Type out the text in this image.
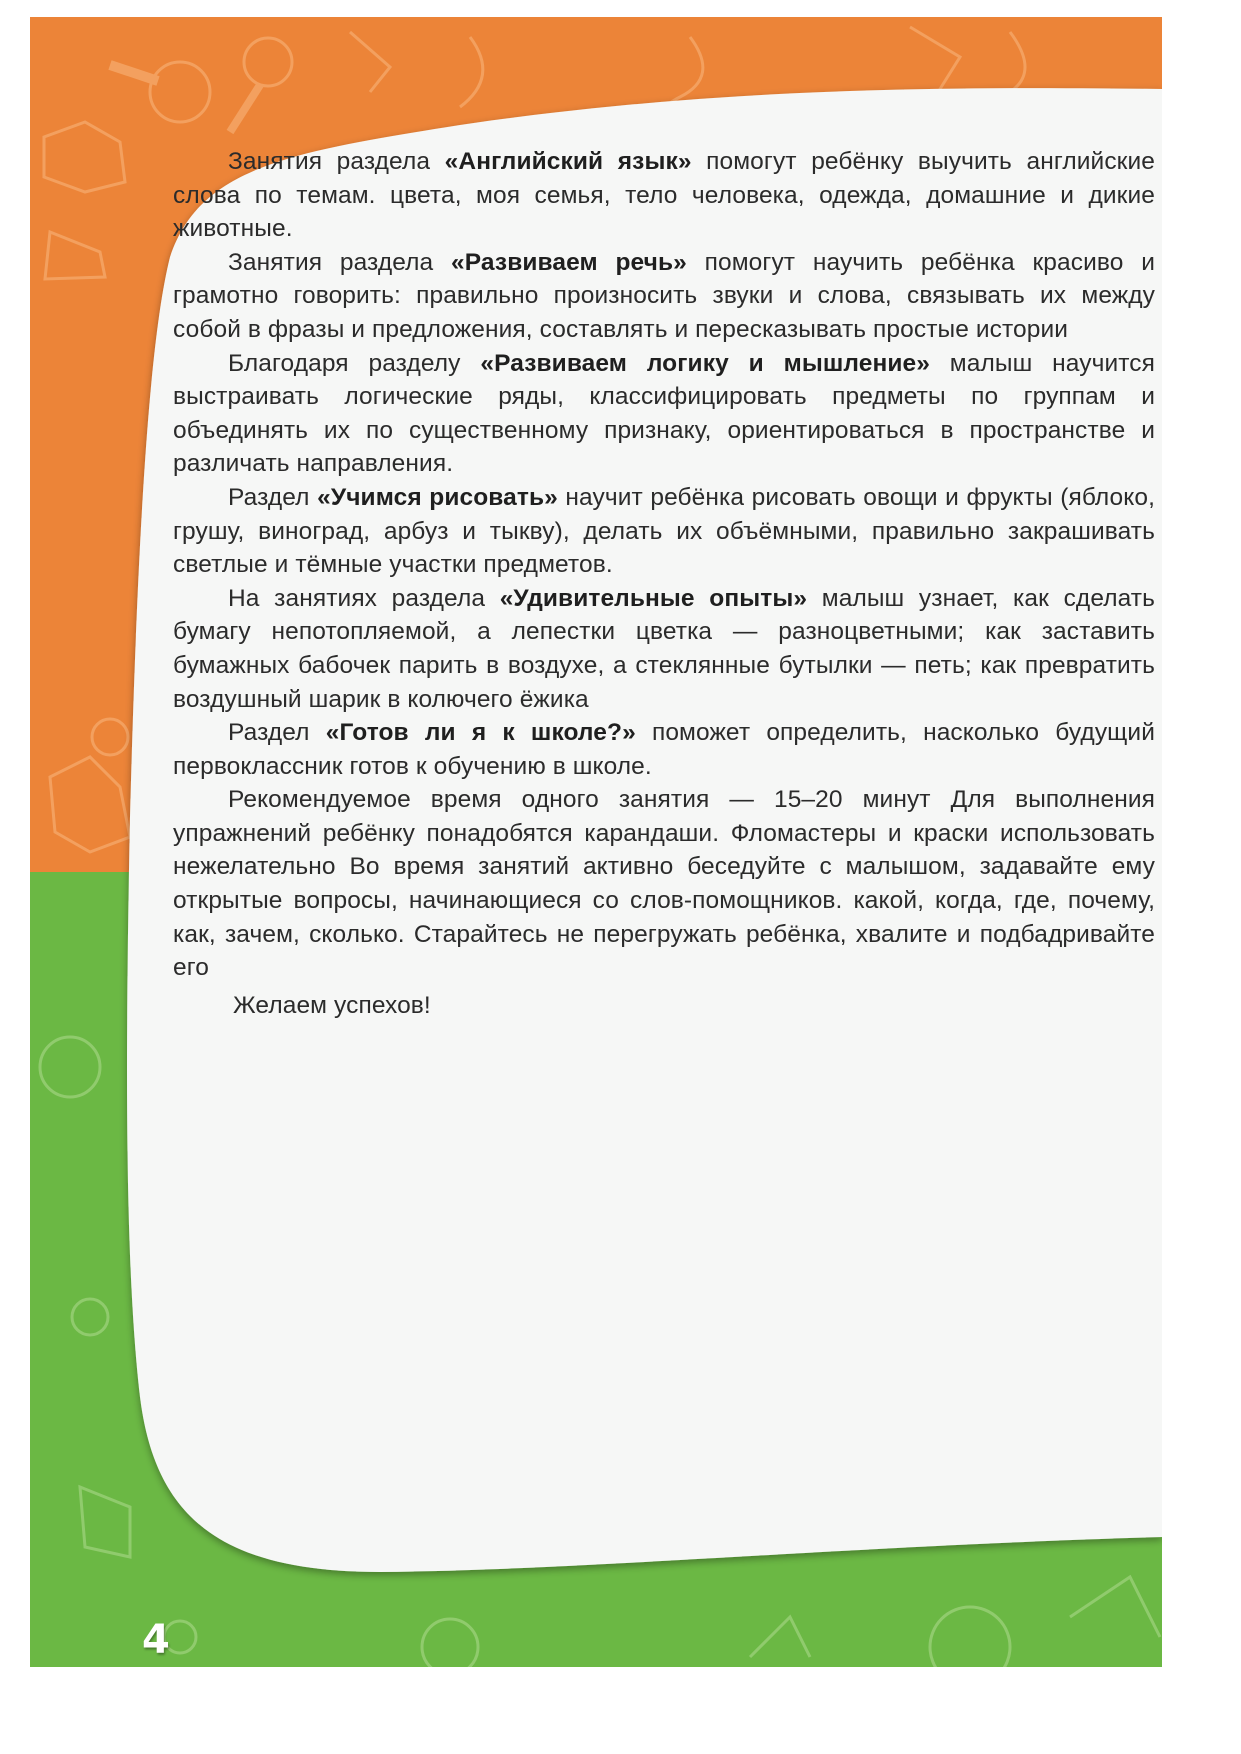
4

Занятия раздела «Английский язык» помогут ребёнку выучить английские слова по темам. цвета, моя семья, тело человека, одежда, домашние и дикие животные.

Занятия раздела «Развиваем речь» помогут научить ребёнка красиво и грамотно говорить: правильно произносить звуки и слова, связывать их между собой в фразы и предложения, составлять и пересказывать простые истории

Благодаря разделу «Развиваем логику и мышление» малыш научится выстраивать логические ряды, классифицировать предметы по группам и объединять их по существенному признаку, ориентироваться в пространстве и различать направления.

Раздел «Учимся рисовать» научит ребёнка рисовать овощи и фрукты (яблоко, грушу, виноград, арбуз и тыкву), делать их объёмными, правильно закрашивать светлые и тёмные участки предметов.

На занятиях раздела «Удивительные опыты» малыш узнает, как сделать бумагу непотопляемой, а лепестки цветка — разноцветными; как заставить бумажных бабочек парить в воздухе, а стеклянные бутылки — петь; как превратить воздушный шарик в колючего ёжика

Раздел «Готов ли я к школе?» поможет определить, насколько будущий первоклассник готов к обучению в школе.

Рекомендуемое время одного занятия — 15–20 минут Для выполнения упражнений ребёнку понадобятся карандаши. Фломастеры и краски использовать нежелательно Во время занятий активно беседуйте с малышом, задавайте ему открытые вопросы, начинающиеся со слов-помощников. какой, когда, где, почему, как, зачем, сколько. Старайтесь не перегружать ребёнка, хвалите и подбадривайте его

Желаем успехов!
